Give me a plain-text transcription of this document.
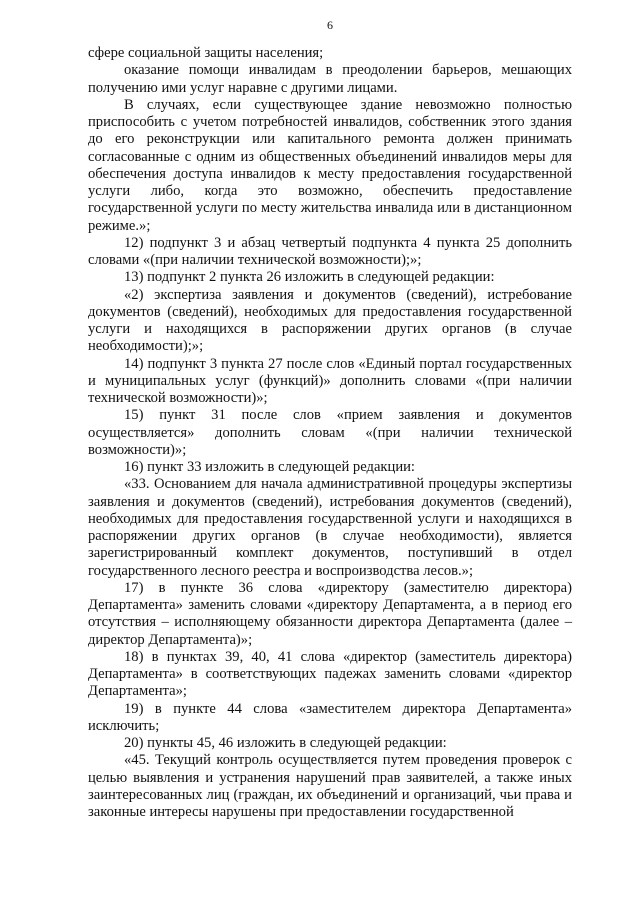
6

сфере социальной защиты населения;

оказание помощи инвалидам в преодолении барьеров, мешающих получению ими услуг наравне с другими лицами.

В случаях, если существующее здание невозможно полностью приспособить с учетом потребностей инвалидов, собственник этого здания до его реконструкции или капитального ремонта должен принимать согласованные с одним из общественных объединений инвалидов меры для обеспечения доступа инвалидов к месту предоставления государственной услуги либо, когда это возможно, обеспечить предоставление государственной услуги по месту жительства инвалида или в дистанционном режиме.»;

12) подпункт 3 и абзац четвертый подпункта 4 пункта 25 дополнить словами «(при наличии технической возможности);»;

13) подпункт 2 пункта 26 изложить в следующей редакции:

«2) экспертиза заявления и документов (сведений), истребование документов (сведений), необходимых для предоставления государственной услуги и находящихся в распоряжении других органов (в случае необходимости);»;

14) подпункт 3 пункта 27 после слов «Единый портал государственных и муниципальных услуг (функций)» дополнить словами «(при наличии технической возможности)»;

15) пункт 31 после слов «прием заявления и документов осуществляется» дополнить словам «(при наличии технической возможности)»;

16) пункт 33 изложить в следующей редакции:

«33. Основанием для начала административной процедуры экспертизы заявления и документов (сведений), истребования документов (сведений), необходимых для предоставления государственной услуги и находящихся в распоряжении других органов (в случае необходимости), является зарегистрированный комплект документов, поступивший в отдел государственного лесного реестра и воспроизводства лесов.»;

17) в пункте 36 слова «директору (заместителю директора) Департамента» заменить словами «директору Департамента, а в период его отсутствия – исполняющему обязанности директора Департамента (далее – директор Департамента)»;

18) в пунктах 39, 40, 41 слова «директор (заместитель директора) Департамента» в соответствующих падежах заменить словами «директор Департамента»;

19) в пункте 44 слова «заместителем директора Департамента» исключить;

20) пункты 45, 46 изложить в следующей редакции:

«45. Текущий контроль осуществляется путем проведения проверок с целью выявления и устранения нарушений прав заявителей, а также иных заинтересованных лиц (граждан, их объединений и организаций, чьи права и законные интересы нарушены при предоставлении государственной
